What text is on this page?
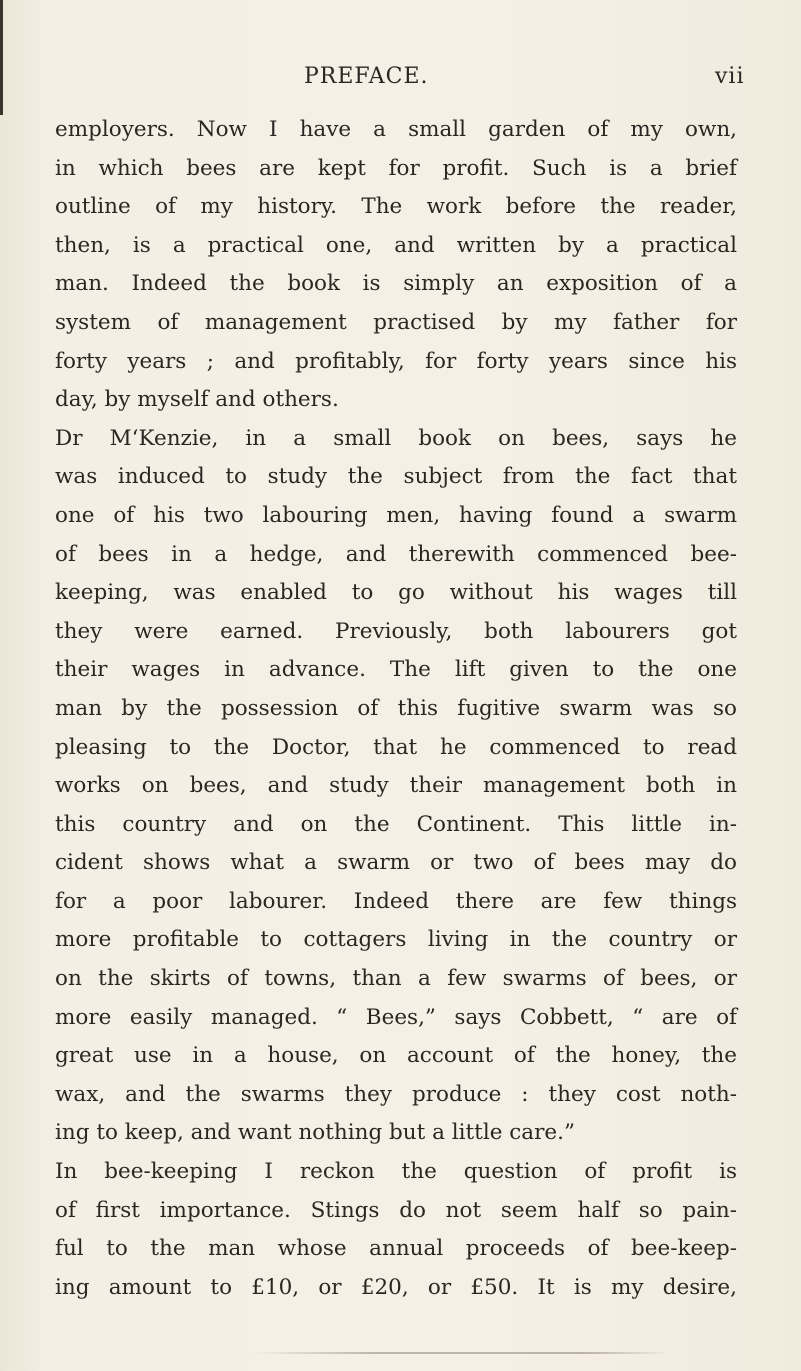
PREFACE.	vii
employers. Now I have a small garden of my own,
in which bees are kept for profit. Such is a brief
outline of my history. The work before the reader,
then, is a practical one, and written by a practical
man. Indeed the book is simply an exposition of a
system of management practised by my father for
forty years ; and profitably, for forty years since his
day, by myself and others.
Dr M‘Kenzie, in a small book on bees, says he
was induced to study the subject from the fact that
one of his two labouring men, having found a swarm
of bees in a hedge, and therewith commenced bee-
keeping, was enabled to go without his wages till
they were earned. Previously, both labourers got
their wages in advance. The lift given to the one
man by the possession of this fugitive swarm was so
pleasing to the Doctor, that he commenced to read
works on bees, and study their management both in
this country and on the Continent. This little in-
cident shows what a swarm or two of bees may do
for a poor labourer. Indeed there are few things
more profitable to cottagers living in the country or
on the skirts of towns, than a few swarms of bees, or
more easily managed. “ Bees,” says Cobbett, “ are of
great use in a house, on account of the honey, the
wax, and the swarms they produce : they cost noth-
ing to keep, and want nothing but a little care.”
In bee-keeping I reckon the question of profit is
of first importance. Stings do not seem half so pain-
ful to the man whose annual proceeds of bee-keep-
ing amount to £10, or £20, or £50. It is my desire,
